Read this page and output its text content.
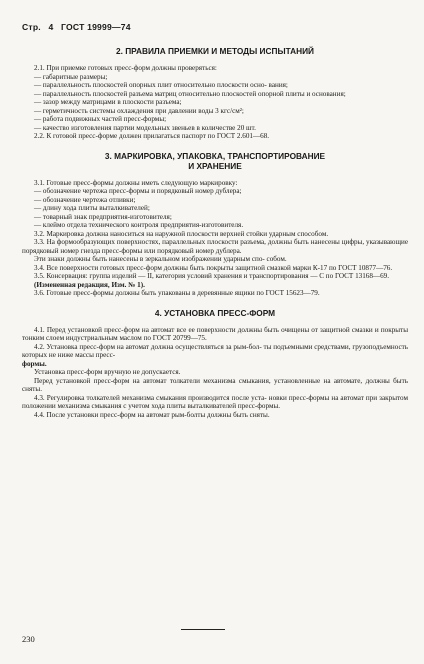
Стр. 4 ГОСТ 19999—74
2. ПРАВИЛА ПРИЕМКИ И МЕТОДЫ ИСПЫТАНИЙ

2.1. При приемке готовых пресс-форм должны проверяться:

— габаритные размеры;

— параллельность плоскостей опорных плит относительно плоскости осно- вания;

— параллельность плоскостей разъема матриц относительно плоскостей опорной плиты и основания;

— зазор между матрицами в плоскости разъема;

— герметичность системы охлаждения при давлении воды 3 кгс/см²;

— работа подвижных частей пресс-формы;

— качество изготовления партии модельных звеньев в количестве 20 шт.

2.2. К готовой пресс-форме должен прилагаться паспорт по ГОСТ 2.601—68.

3. МАРКИРОВКА, УПАКОВКА, ТРАНСПОРТИРОВАНИЕ
И ХРАНЕНИЕ

3.1. Готовые пресс-формы должны иметь следующую маркировку:

— обозначение чертежа пресс-формы и порядковый номер дублера;

— обозначение чертежа отливки;

— длину хода плиты выталкивателей;

— товарный знак предприятия-изготовителя;

— клеймо отдела технического контроля предприятия-изготовителя.

3.2. Маркировка должна наноситься на наружной плоскости верхней стойки ударным способом.

3.3. На формообразующих поверхностях, параллельных плоскости разъема, должны быть нанесены цифры, указывающие порядковый номер гнезда пресс-формы или порядковый номер дублера.

Эти знаки должны быть нанесены в зеркальном изображении ударным спо- собом.

3.4. Все поверхности готовых пресс-форм должны быть покрыты защитной смазкой марки К-17 по ГОСТ 10877—76.

3.5. Консервация: группа изделий — II, категория условий хранения и транспортирования — С по ГОСТ 13168—69.

(Измененная редакция, Изм. № 1).

3.6. Готовые пресс-формы должны быть упакованы в деревянные ящики по ГОСТ 15623—79.

4. УСТАНОВКА ПРЕСС-ФОРМ

4.1. Перед установкой пресс-форм на автомат все ее поверхности должны быть очищены от защитной смазки и покрыты тонким слоем индустриальным маслом по ГОСТ 20799—75.

4.2. Установка пресс-форм на автомат должна осуществляться за рым-бол- ты подъемными средствами, грузоподъемность которых не ниже массы пресс-

формы.

Установка пресс-форм вручную не допускается.

Перед установкой пресс-форм на автомат толкатели механизма смыкания, установленные на автомате, должны быть сняты.

4.3. Регулировка толкателей механизма смыкания производится после уста- новки пресс-формы на автомат при закрытом положении механизма смыкания с учетом хода плиты выталкивателей пресс-формы.

4.4. После установки пресс-форм на автомат рым-болты должны быть сняты.

230
